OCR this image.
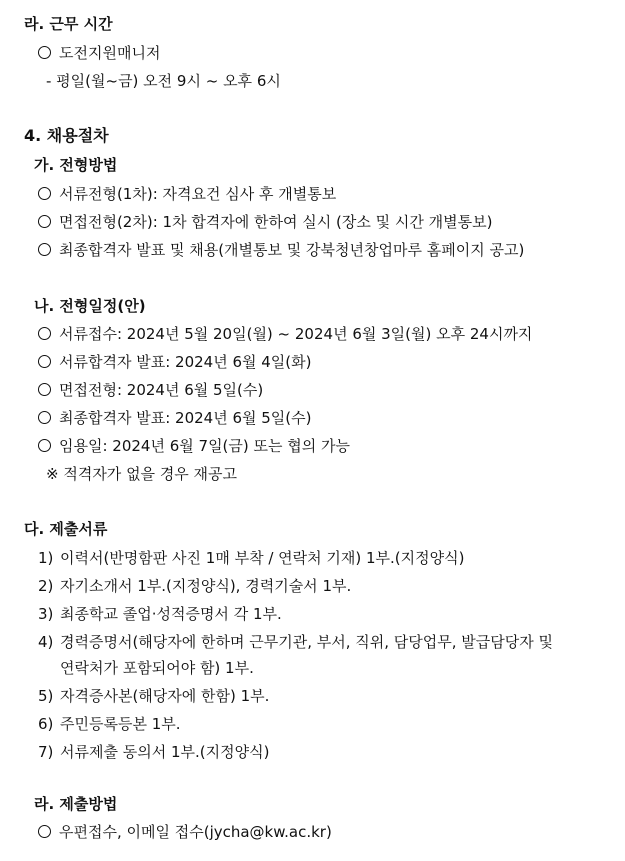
라. 근무 시간
도전지원매니저
- 평일(월~금) 오전 9시 ~ 오후 6시
4. 채용절차
가. 전형방법
서류전형(1차): 자격요건 심사 후 개별통보
면접전형(2차): 1차 합격자에 한하여 실시 (장소 및 시간 개별통보)
최종합격자 발표 및 채용(개별통보 및 강북청년창업마루 홈페이지 공고)
나. 전형일정(안)
서류접수: 2024년 5월 20일(월) ~ 2024년 6월 3일(월) 오후 24시까지
서류합격자 발표: 2024년 6월 4일(화)
면접전형: 2024년 6월 5일(수)
최종합격자 발표: 2024년 6월 5일(수)
임용일: 2024년 6월 7일(금) 또는 협의 가능
※ 적격자가 없을 경우 재공고
다. 제출서류
1) 이력서(반명함판 사진 1매 부착 / 연락처 기재) 1부.(지정양식)
2) 자기소개서 1부.(지정양식), 경력기술서 1부.
3) 최종학교 졸업·성적증명서 각 1부.
4) 경력증명서(해당자에 한하며 근무기관, 부서, 직위, 담당업무, 발급담당자 및
연락처가 포함되어야 함) 1부.
5) 자격증사본(해당자에 한함) 1부.
6) 주민등록등본 1부.
7) 서류제출 동의서 1부.(지정양식)
라. 제출방법
우편접수, 이메일 접수(jycha@kw.ac.kr)
